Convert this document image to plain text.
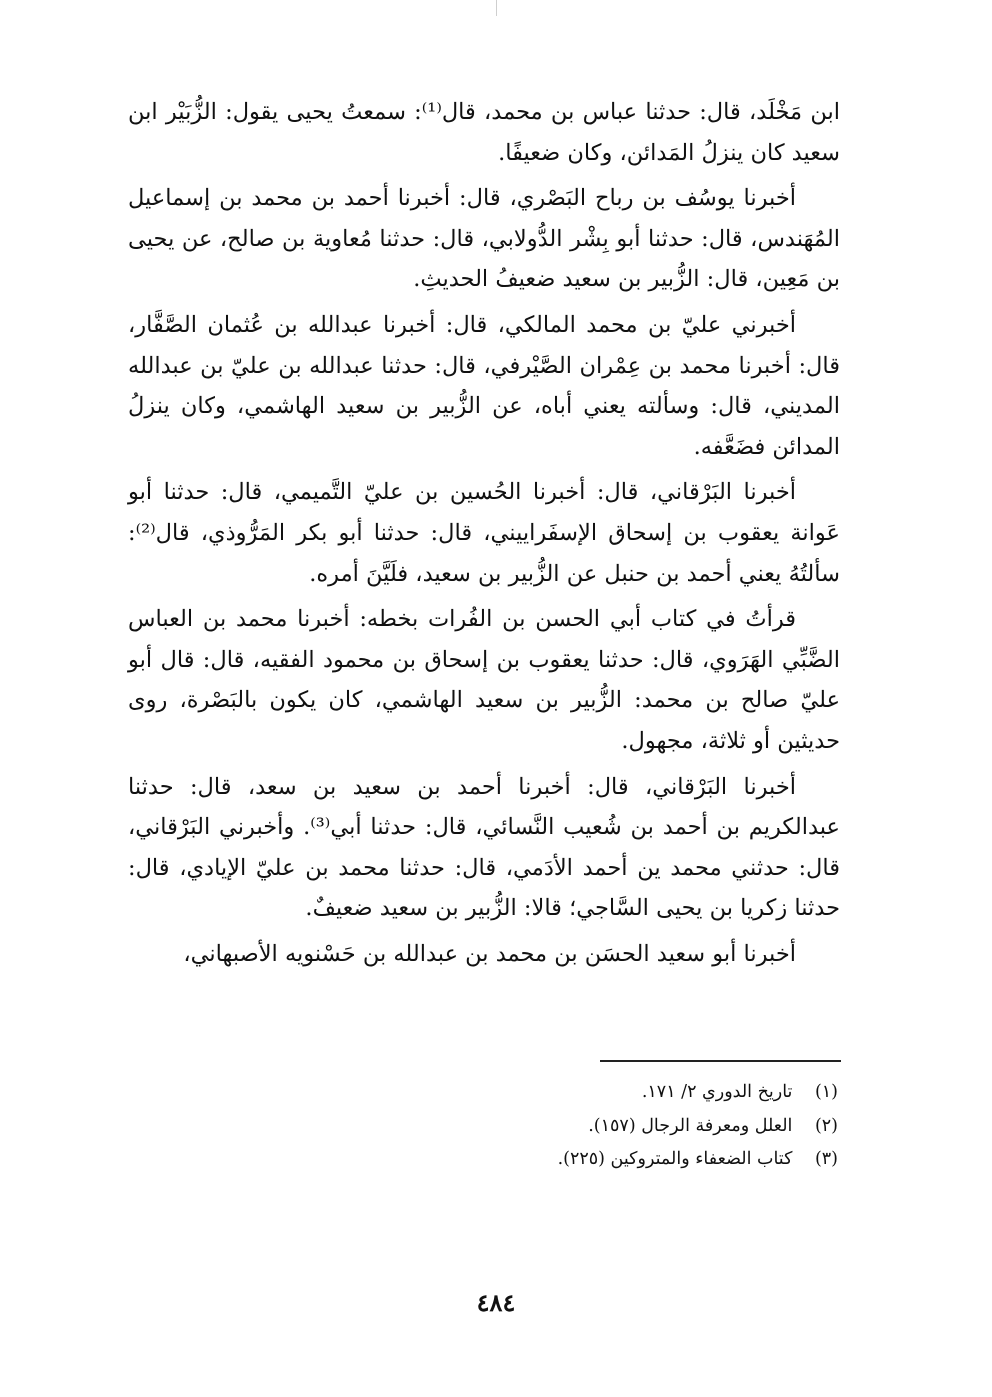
ابن مَخْلَد، قال: حدثنا عباس بن محمد، قال⁽¹⁾: سمعتُ يحيى يقول: الزُّبَيْر ابن سعيد كان ينزلُ المَدائن، وكان ضعيفًا.

أخبرنا يوسُف بن رباح البَصْري، قال: أخبرنا أحمد بن محمد بن إسماعيل المُهَندس، قال: حدثنا أبو بِشْر الدُّولابي، قال: حدثنا مُعاوية بن صالح، عن يحيى بن مَعِين، قال: الزُّبير بن سعيد ضعيفُ الحديثِ.

أخبرني عليّ بن محمد المالكي، قال: أخبرنا عبدالله بن عُثمان الصَّفَّار، قال: أخبرنا محمد بن عِمْران الصَّيْرفي، قال: حدثنا عبدالله بن عليّ بن عبدالله المديني، قال: وسألته يعني أباه، عن الزُّبير بن سعيد الهاشمي، وكان ينزلُ المدائن فضَعَّفه.

أخبرنا البَرْقاني، قال: أخبرنا الحُسين بن عليّ التَّميمي، قال: حدثنا أبو عَوانة يعقوب بن إسحاق الإسفَراييني، قال: حدثنا أبو بكر المَرُّوذي، قال⁽²⁾: سألتُهُ يعني أحمد بن حنبل عن الزُّبير بن سعيد، فلَيَّنَ أمره.

قرأتُ في كتاب أبي الحسن بن الفُرات بخطه: أخبرنا محمد بن العباس الضَّبِّي الهَرَوي، قال: حدثنا يعقوب بن إسحاق بن محمود الفقيه، قال: قال أبو عليّ صالح بن محمد: الزُّبير بن سعيد الهاشمي، كان يكون بالبَصْرة، روى حديثين أو ثلاثة، مجهول.

أخبرنا البَرْقاني، قال: أخبرنا أحمد بن سعيد بن سعد، قال: حدثنا عبدالكريم بن أحمد بن شُعيب النَّسائي، قال: حدثنا أبي⁽³⁾. وأخبرني البَرْقاني، قال: حدثني محمد ين أحمد الأدَمي، قال: حدثنا محمد بن عليّ الإيادي، قال: حدثنا زكريا بن يحيى السَّاجي؛ قالا: الزُّبير بن سعيد ضعيفٌ.

أخبرنا أبو سعيد الحسَن بن محمد بن عبدالله بن حَسْنويه الأصبهاني،

(١) تاريخ الدوري ٢/ ١٧١.

(٢) العلل ومعرفة الرجال (١٥٧).

(٣) كتاب الضعفاء والمتروكين (٢٢٥).

٤٨٤
